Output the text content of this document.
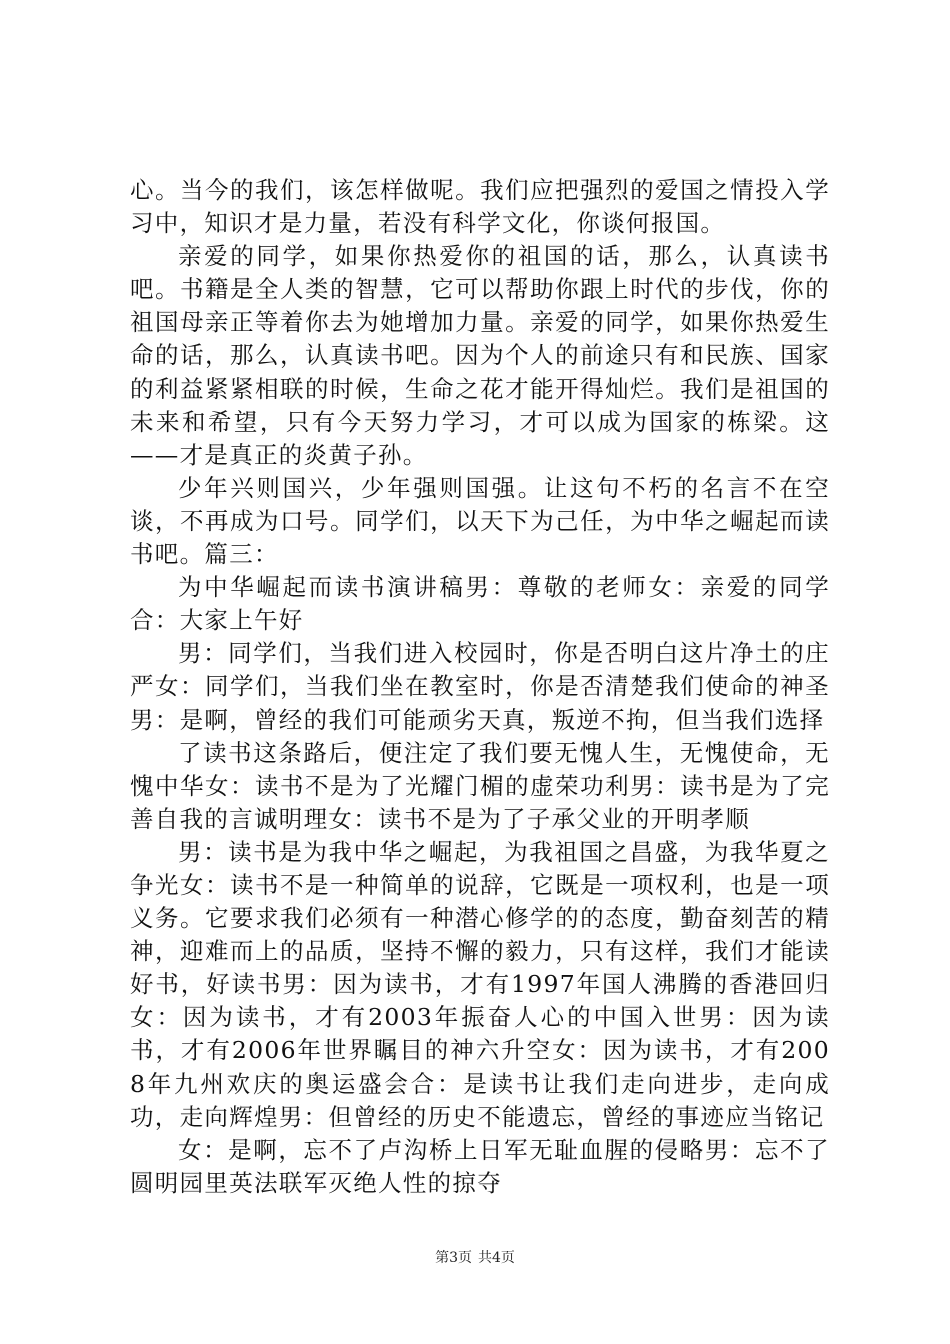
心。当今的我们，该怎样做呢。我们应把强烈的爱国之情投入学习中，知识才是力量，若没有科学文化，你谈何报国。

亲爱的同学，如果你热爱你的祖国的话，那么，认真读书吧。书籍是全人类的智慧，它可以帮助你跟上时代的步伐，你的祖国母亲正等着你去为她增加力量。亲爱的同学，如果你热爱生命的话，那么，认真读书吧。因为个人的前途只有和民族、国家的利益紧紧相联的时候，生命之花才能开得灿烂。我们是祖国的未来和希望，只有今天努力学习，才可以成为国家的栋梁。这——才是真正的炎黄子孙。

少年兴则国兴，少年强则国强。让这句不朽的名言不在空谈，不再成为口号。同学们，以天下为己任，为中华之崛起而读书吧。篇三：

为中华崛起而读书演讲稿男：尊敬的老师女：亲爱的同学合：大家上午好

男：同学们，当我们进入校园时，你是否明白这片净土的庄严女：同学们，当我们坐在教室时，你是否清楚我们使命的神圣男：是啊，曾经的我们可能顽劣天真，叛逆不拘，但当我们选择

了读书这条路后，便注定了我们要无愧人生，无愧使命，无愧中华女：读书不是为了光耀门楣的虚荣功利男：读书是为了完善自我的言诚明理女：读书不是为了子承父业的开明孝顺

男：读书是为我中华之崛起，为我祖国之昌盛，为我华夏之争光女：读书不是一种简单的说辞，它既是一项权利，也是一项义务。它要求我们必须有一种潜心修学的的态度，勤奋刻苦的精神，迎难而上的品质，坚持不懈的毅力，只有这样，我们才能读好书，好读书男：因为读书，才有1997年国人沸腾的香港回归女：因为读书，才有2003年振奋人心的中国入世男：因为读书，才有2006年世界瞩目的神六升空女：因为读书，才有2008年九州欢庆的奥运盛会合：是读书让我们走向进步，走向成功，走向辉煌男：但曾经的历史不能遗忘，曾经的事迹应当铭记

女：是啊，忘不了卢沟桥上日军无耻血腥的侵略男：忘不了圆明园里英法联军灭绝人性的掠夺

第3页 共4页
